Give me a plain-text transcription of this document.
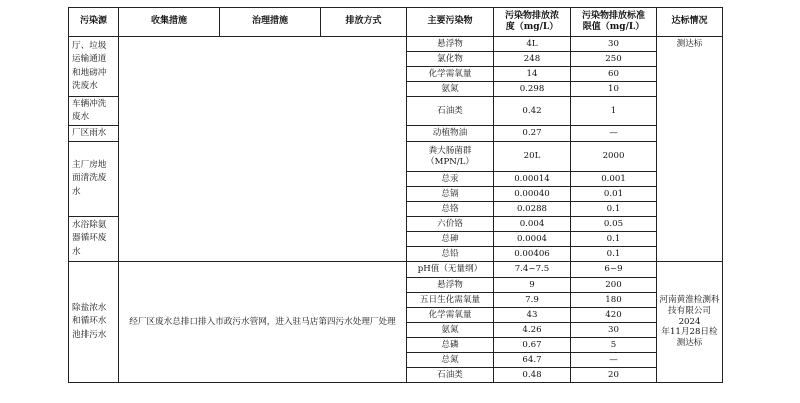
污染源	收集措施	治理措施	排放方式	主要污染物	污染物排放浓
度（mg/L）	污染物排放标准
限值（mg/L）	达标情况
厅、垃圾
运输通道
和地磅冲
洗废水				悬浮物	4L	30	测达标
				氯化物	248	250	
				化学需氧量	14	60	
				氨氮	0.298	10	
车辆冲洗
废水				石油类	0.42	1	
厂区雨水				动植物油	0.27	—	
主厂房地
面清洗废
水				粪大肠菌群
（MPN/L）	20L	2000	
				总汞	0.00014	0.001	
				总镉	0.00040	0.01	
				总铬	0.0288	0.1	
水浴除氨
器循环废
水				六价铬	0.004	0.05	
				总砷	0.0004	0.1	
				总铅	0.00406	0.1	
除盐浓水
和循环水
池排污水	经厂区废水总排口排入市政污水管网，进入驻马店第四污水处理厂处理			pH值（无量纲）	7.4~7.5	6~9	河南黄淮检测科
技有限公司2024
年11月28日检
测达标
				悬浮物	9	200	
				五日生化需氧量	7.9	180	
				化学需氧量	43	420	
				氨氮	4.26	30	
				总磷	0.67	5	
				总氮	64.7	—	
				石油类	0.48	20	
